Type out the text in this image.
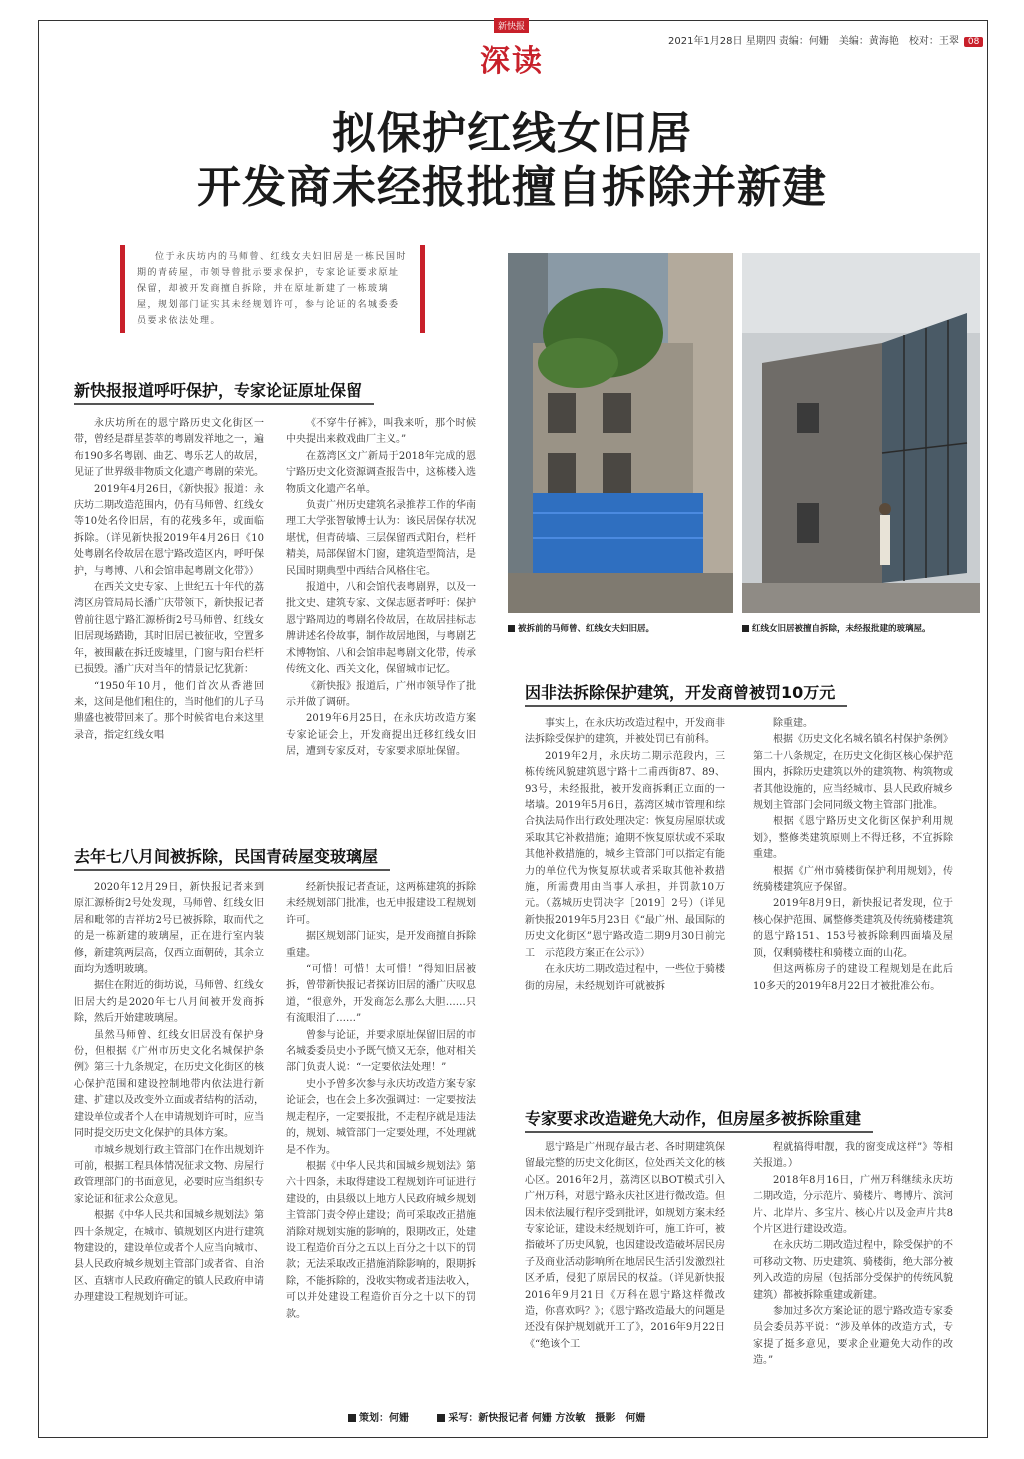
2021年1月28日 星期四 责编：何姗　美编：黄海艳　校对：王翠 08
新快报
深读
拟保护红线女旧居
开发商未经报批擅自拆除并新建

位于永庆坊内的马师曾、红线女夫妇旧居是一栋民国时期的青砖屋，市领导曾批示要求保护，专家论证要求原址保留，却被开发商擅自拆除，并在原址新建了一栋玻璃屋，规划部门证实其未经规划许可，参与论证的名城委委员要求依法处理。

新快报报道呼吁保护，专家论证原址保留

永庆坊所在的恩宁路历史文化街区一带，曾经是群星荟萃的粤剧发祥地之一，遍布190多名粤剧、曲艺、粤乐艺人的故居，见证了世界级非物质文化遗产粤剧的荣光。

2019年4月26日，《新快报》报道：永庆坊二期改造范围内，仍有马师曾、红线女等10处名伶旧居，有的花残多年，或面临拆除。（详见新快报2019年4月26日《10处粤剧名伶故居在恩宁路改造区内，呼吁保护，与粤博、八和会馆串起粤剧文化带》）

在西关文史专家、上世纪五十年代的荔湾区房管局局长潘广庆带领下，新快报记者曾前往恩宁路汇源桥街2号马师曾、红线女旧居现场踏勘，其时旧居已被征收，空置多年，被围蔽在拆迁废墟里，门窗与阳台栏杆已损毁。潘广庆对当年的情景记忆犹新：

“1950年10月，他们首次从香港回来，这间是他们租住的，当时他们的儿子马鼎盛也被带回来了。那个时候省电台来这里录音，指定红线女唱

《不穿牛仔裤》，叫我来听，那个时候中央提出来救戏曲厂主义。”

在荔湾区文广新局于2018年完成的恩宁路历史文化资源调查报告中，这栋楼入选物质文化遗产名单。

负责广州历史建筑名录推荐工作的华南理工大学张智敏博士认为：该民居保存状况堪忧，但青砖墙、三层保留西式阳台，栏杆精美，局部保留木门窗，建筑造型简洁，是民国时期典型中西结合风格住宅。

报道中，八和会馆代表粤剧界，以及一批文史、建筑专家、文保志愿者呼吁：保护恩宁路周边的粤剧名伶故居，在故居挂标志牌讲述名伶故事，制作故居地图，与粤剧艺术博物馆、八和会馆串起粤剧文化带，传承传统文化、西关文化，保留城市记忆。

《新快报》报道后，广州市领导作了批示并做了调研。

2019年6月25日，在永庆坊改造方案专家论证会上，开发商提出迁移红线女旧居，遭到专家反对，专家要求原址保留。

去年七八月间被拆除，民国青砖屋变玻璃屋

2020年12月29日，新快报记者来到原汇源桥街2号处发现，马师曾、红线女旧居和毗邻的吉祥坊2号已被拆除，取而代之的是一栋新建的玻璃屋，正在进行室内装修，新建筑两层高，仅西立面朝砖，其余立面均为透明玻璃。

据住在附近的街坊说，马师曾、红线女旧居大约是2020年七八月间被开发商拆除，然后开始建玻璃屋。

虽然马师曾、红线女旧居没有保护身份，但根据《广州市历史文化名城保护条例》第三十九条规定，在历史文化街区的核心保护范围和建设控制地带内依法进行新建、扩建以及改变外立面或者结构的活动，建设单位或者个人在申请规划许可时，应当同时提交历史文化保护的具体方案。

市城乡规划行政主管部门在作出规划许可前，根据工程具体情况征求文物、房屋行政管理部门的书面意见，必要时应当组织专家论证和征求公众意见。

根据《中华人民共和国城乡规划法》第四十条规定，在城市、镇规划区内进行建筑物建设的，建设单位或者个人应当向城市、县人民政府城乡规划主管部门或者省、自治区、直辖市人民政府确定的镇人民政府申请办理建设工程规划许可证。

经新快报记者查证，这两栋建筑的拆除未经规划部门批准，也无申报建设工程规划许可。

据区规划部门证实，是开发商擅自拆除重建。

“可惜！可惜！太可惜！”得知旧居被拆，曾带新快报记者探访旧居的潘广庆叹息道，“很意外，开发商怎么那么大胆……只有流眼泪了……”

曾参与论证，并要求原址保留旧居的市名城委委员史小予既气愤又无奈，他对相关部门负责人说：“一定要依法处理！”

史小予曾多次参与永庆坊改造方案专家论证会，也在会上多次强调过：一定要按法规走程序，一定要报批，不走程序就是违法的，规划、城管部门一定要处理，不处理就是不作为。

根据《中华人民共和国城乡规划法》第六十四条，未取得建设工程规划许可证进行建设的，由县级以上地方人民政府城乡规划主管部门责令停止建设；尚可采取改正措施消除对规划实施的影响的，限期改正，处建设工程造价百分之五以上百分之十以下的罚款；无法采取改正措施消除影响的，限期拆除，不能拆除的，没收实物或者违法收入，可以并处建设工程造价百分之十以下的罚款。

被拆前的马师曾、红线女夫妇旧居。	红线女旧居被擅自拆除，未经报批建的玻璃屋。
因非法拆除保护建筑，开发商曾被罚10万元

事实上，在永庆坊改造过程中，开发商非法拆除受保护的建筑，并被处罚已有前科。

2019年2月，永庆坊二期示范段内，三栋传统风貌建筑恩宁路十二甫西街87、89、93号，未经报批，被开发商拆剩正立面的一堵墙。2019年5月6日，荔湾区城市管理和综合执法局作出行政处理决定：恢复房屋原状或采取其它补救措施；逾期不恢复原状或不采取其他补救措施的，城乡主管部门可以指定有能力的单位代为恢复原状或者采取其他补救措施，所需费用由当事人承担，并罚款10万元。（荔城历史罚决字［2019］2号）（详见新快报2019年5月23日《“最广州、最国际的历史文化街区”恩宁路改造二期9月30日前完工　示范段方案正在公示》）

在永庆坊二期改造过程中，一些位于骑楼街的房屋，未经规划许可就被拆

除重建。

根据《历史文化名城名镇名村保护条例》第二十八条规定，在历史文化街区核心保护范围内，拆除历史建筑以外的建筑物、构筑物或者其他设施的，应当经城市、县人民政府城乡规划主管部门会同同级文物主管部门批准。

根据《恩宁路历史文化街区保护利用规划》，整修类建筑原则上不得迁移，不宜拆除重建。

根据《广州市骑楼街保护利用规划》，传统骑楼建筑应予保留。

2019年8月9日，新快报记者发现，位于核心保护范围、属整修类建筑及传统骑楼建筑的恩宁路151、153号被拆除剩四面墙及屋顶，仅剩骑楼柱和骑楼立面的山花。

但这两栋房子的建设工程规划是在此后10多天的2019年8月22日才被批准公布。

专家要求改造避免大动作，但房屋多被拆除重建

恩宁路是广州现存最古老、各时期建筑保留最完整的历史文化街区，位处西关文化的核心区。2016年2月，荔湾区以BOT模式引入广州万科，对恩宁路永庆社区进行微改造。但因未依法履行程序受到批评，如规划方案未经专家论证，建设未经规划许可，施工许可，被指破坏了历史风貌，也因建设改造破坏居民房子及商业活动影响所在地居民生活引发激烈社区矛盾，侵犯了原居民的权益。（详见新快报2016年9月21日《万科在恩宁路这样微改造，你喜欢吗？》；《恩宁路改造最大的问题是还没有保护规划就开工了》，2016年9月22日《“绝该个工

程就搞得咁靓，我的窗变成这样”》等相关报道。）

2018年8月16日，广州万科继续永庆坊二期改造，分示范片、骑楼片、粤博片、滨河片、北岸片、多宝片、核心片以及金声片共8个片区进行建设改造。

在永庆坊二期改造过程中，除受保护的不可移动文物、历史建筑、骑楼街，绝大部分被列入改造的房屋（包括部分受保护的传统风貌建筑）都被拆除重建或新建。

参加过多次方案论证的恩宁路改造专家委员会委员苏平说：“涉及单体的改造方式，专家提了挺多意见，要求企业避免大动作的改造。”

策划：何姗	采写：新快报记者 何姗 方汝敏　摄影　何姗
